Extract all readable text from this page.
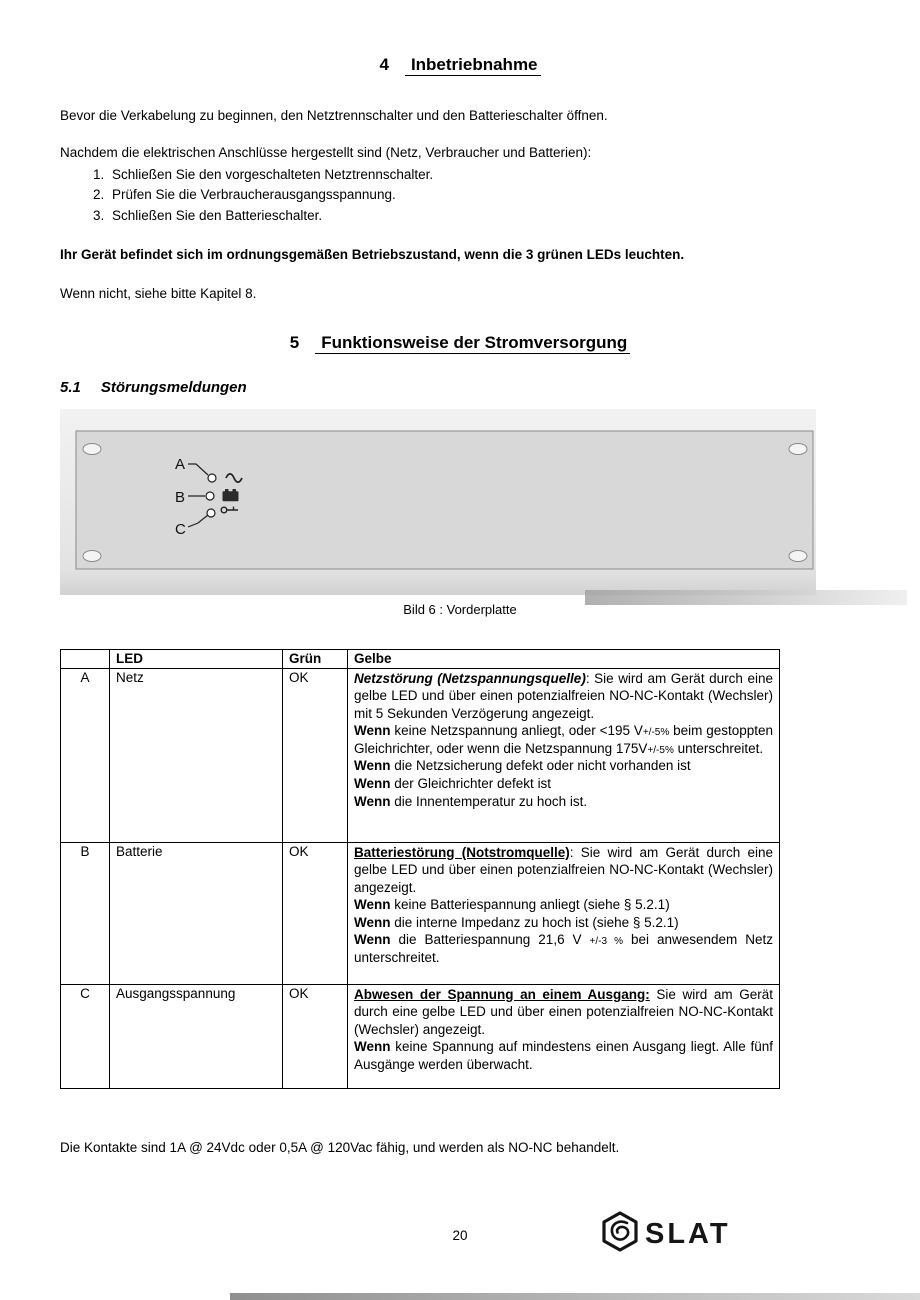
4 Inbetriebnahme

Bevor die Verkabelung zu beginnen, den Netztrennschalter und den Batterieschalter öffnen.

Nachdem die elektrischen Anschlüsse hergestellt sind (Netz, Verbraucher und Batterien):

1. Schließen Sie den vorgeschalteten Netztrennschalter.
2. Prüfen Sie die Verbraucherausgangsspannung.
3. Schließen Sie den Batterieschalter.

Ihr Gerät befindet sich im ordnungsgemäßen Betriebszustand, wenn die 3 grünen LEDs leuchten.

Wenn nicht, siehe bitte Kapitel 8.

5 Funktionsweise der Stromversorgung
5.1 Störungsmeldungen
A
B
C

Bild 6 : Vorderplatte

	LED	Grün	Gelbe
A	Netz	OK	Netzstörung (Netzspannungsquelle): Sie wird am Gerät durch eine gelbe LED und über einen potenzialfreien NO-NC-Kontakt (Wechsler) mit 5 Sekunden Verzögerung angezeigt.

Wenn keine Netzspannung anliegt, oder <195 V+/-5% beim gestoppten Gleichrichter, oder wenn die Netzspannung 175V+/-5% unterschreitet.

Wenn die Netzsicherung defekt oder nicht vorhanden ist

Wenn der Gleichrichter defekt ist

Wenn die Innentemperatur zu hoch ist.

B	Batterie	OK	Batteriestörung (Notstromquelle): Sie wird am Gerät durch eine gelbe LED und über einen potenzialfreien NO-NC-Kontakt (Wechsler) angezeigt.

Wenn keine Batteriespannung anliegt (siehe § 5.2.1)

Wenn die interne Impedanz zu hoch ist (siehe § 5.2.1)

Wenn die Batteriespannung 21,6 V +/-3 % bei anwesendem Netz unterschreitet.

C	Ausgangsspannung	OK	Abwesen der Spannung an einem Ausgang: Sie wird am Gerät durch eine gelbe LED und über einen potenzialfreien NO-NC-Kontakt (Wechsler) angezeigt.

Wenn keine Spannung auf mindestens einen Ausgang liegt. Alle fünf Ausgänge werden überwacht.

Die Kontakte sind 1A @ 24Vdc oder 0,5A @ 120Vac fähig, und werden als NO-NC behandelt.

20	SLAT
